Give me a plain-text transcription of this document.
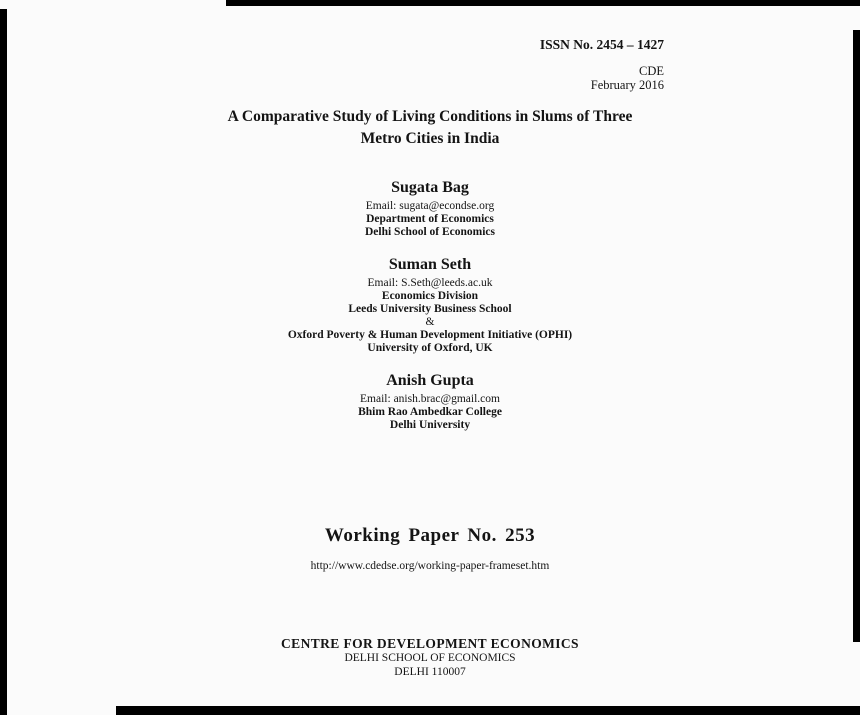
ISSN No. 2454 – 1427
CDE
February 2016
A Comparative Study of Living Conditions in Slums of Three
Metro Cities in India
Sugata Bag
Email: sugata@econdse.org
Department of Economics
Delhi School of Economics
Suman Seth
Email: S.Seth@leeds.ac.uk
Economics Division
Leeds University Business School
&
Oxford Poverty & Human Development Initiative (OPHI)
University of Oxford, UK
Anish Gupta
Email: anish.brac@gmail.com
Bhim Rao Ambedkar College
Delhi University
Working Paper No. 253
http://www.cdedse.org/working-paper-frameset.htm
CENTRE FOR DEVELOPMENT ECONOMICS
DELHI SCHOOL OF ECONOMICS
DELHI 110007
